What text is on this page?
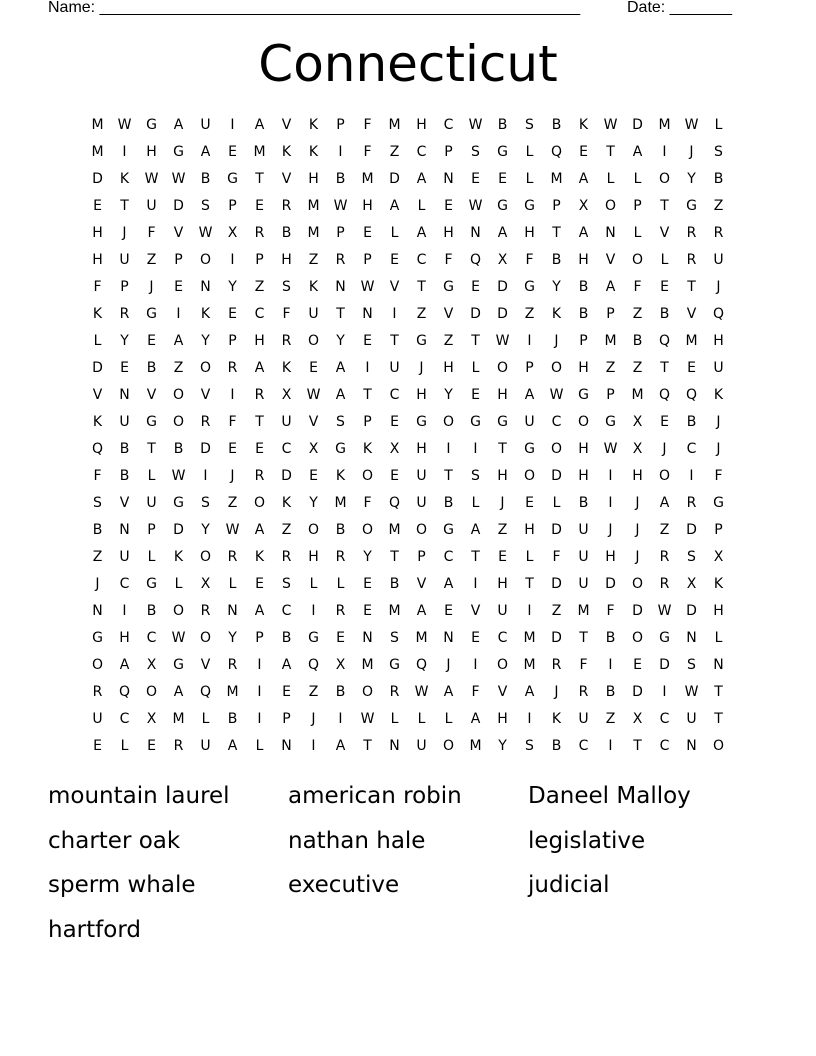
Name: ______________________________________________________	Date: _______
Connecticut
M	W	G	A	U	I	A	V	K	P	F	M	H	C	W	B	S	B	K	W	D	M	W	L
M	I	H	G	A	E	M	K	K	I	F	Z	C	P	S	G	L	Q	E	T	A	I	J	S
D	K	W W	B	G	T	V	H	B	M	D	A	N	E	E	L	M	A	L	L	O	Y	B
E	T	U	D	S	P	E	R	M	W	H	A	L	E	W	G	G	P	X	O	P	T	G	Z
H	J	F	V	W	X	R	B	M	P	E	L	A	H	N	A	H	T	A	N	L	V	R	R
H	U	Z	P	O	I	P	H	Z	R	P	E	C	F	Q	X	F	B	H	V	O	L	R	U
F	P	J	E	N	Y	Z	S	K	N	W	V	T	G	E	D	G	Y	B	A	F	E	T	J
K	R	G	I	K	E	C	F	U	T	N	I	Z	V	D	D	Z	K	B	P	Z	B	V	Q
L	Y	E	A	Y	P	H	R	O	Y	E	T	G	Z	T	W	I	J	P	M	B	Q	M	H
D	E	B	Z	O	R	A	K	E	A	I	U	J	H	L	O	P	O	H	Z	Z	T	E	U
V	N	V	O	V	I	R	X	W	A	T	C	H	Y	E	H	A	W	G	P	M	Q	Q	K
K	U	G	O	R	F	T	U	V	S	P	E	G	O	G	G	U	C	O	G	X	E	B	J
Q	B	T	B	D	E	E	C	X	G	K	X	H	I	I	T	G	O	H	W	X	J	C	J
F	B	L	W	I	J	R	D	E	K	O	E	U	T	S	H	O	D	H	I	H	O	I	F
S	V	U	G	S	Z	O	K	Y	M	F	Q	U	B	L	J	E	L	B	I	J	A	R	G
B	N	P	D	Y	W	A	Z	O	B	O	M	O	G	A	Z	H	D	U	J	J	Z	D	P
Z	U	L	K	O	R	K	R	H	R	Y	T	P	C	T	E	L	F	U	H	J	R	S	X
J	C	G	L	X	L	E	S	L	L	E	B	V	A	I	H	T	D	U	D	O	R	X	K
N	I	B	O	R	N	A	C	I	R	E	M	A	E	V	U	I	Z	M	F	D	W	D	H
G	H	C	W	O	Y	P	B	G	E	N	S	M	N	E	C	M	D	T	B	O	G	N	L
O	A	X	G	V	R	I	A	Q	X	M	G	Q	J	I	O	M	R	F	I	E	D	S	N
R	Q	O	A	Q	M	I	E	Z	B	O	R	W	A	F	V	A	J	R	B	D	I	W	T
U	C	X	M	L	B	I	P	J	I	W	L	L	L	A	H	I	K	U	Z	X	C	U	T
E	L	E	R	U	A	L	N	I	A	T	N	U	O	M	Y	S	B	C	I	T	C	N	O
mountain laurel	american robin	Daneel Malloy
charter oak	nathan hale	legislative
sperm whale	executive	judicial
hartford
